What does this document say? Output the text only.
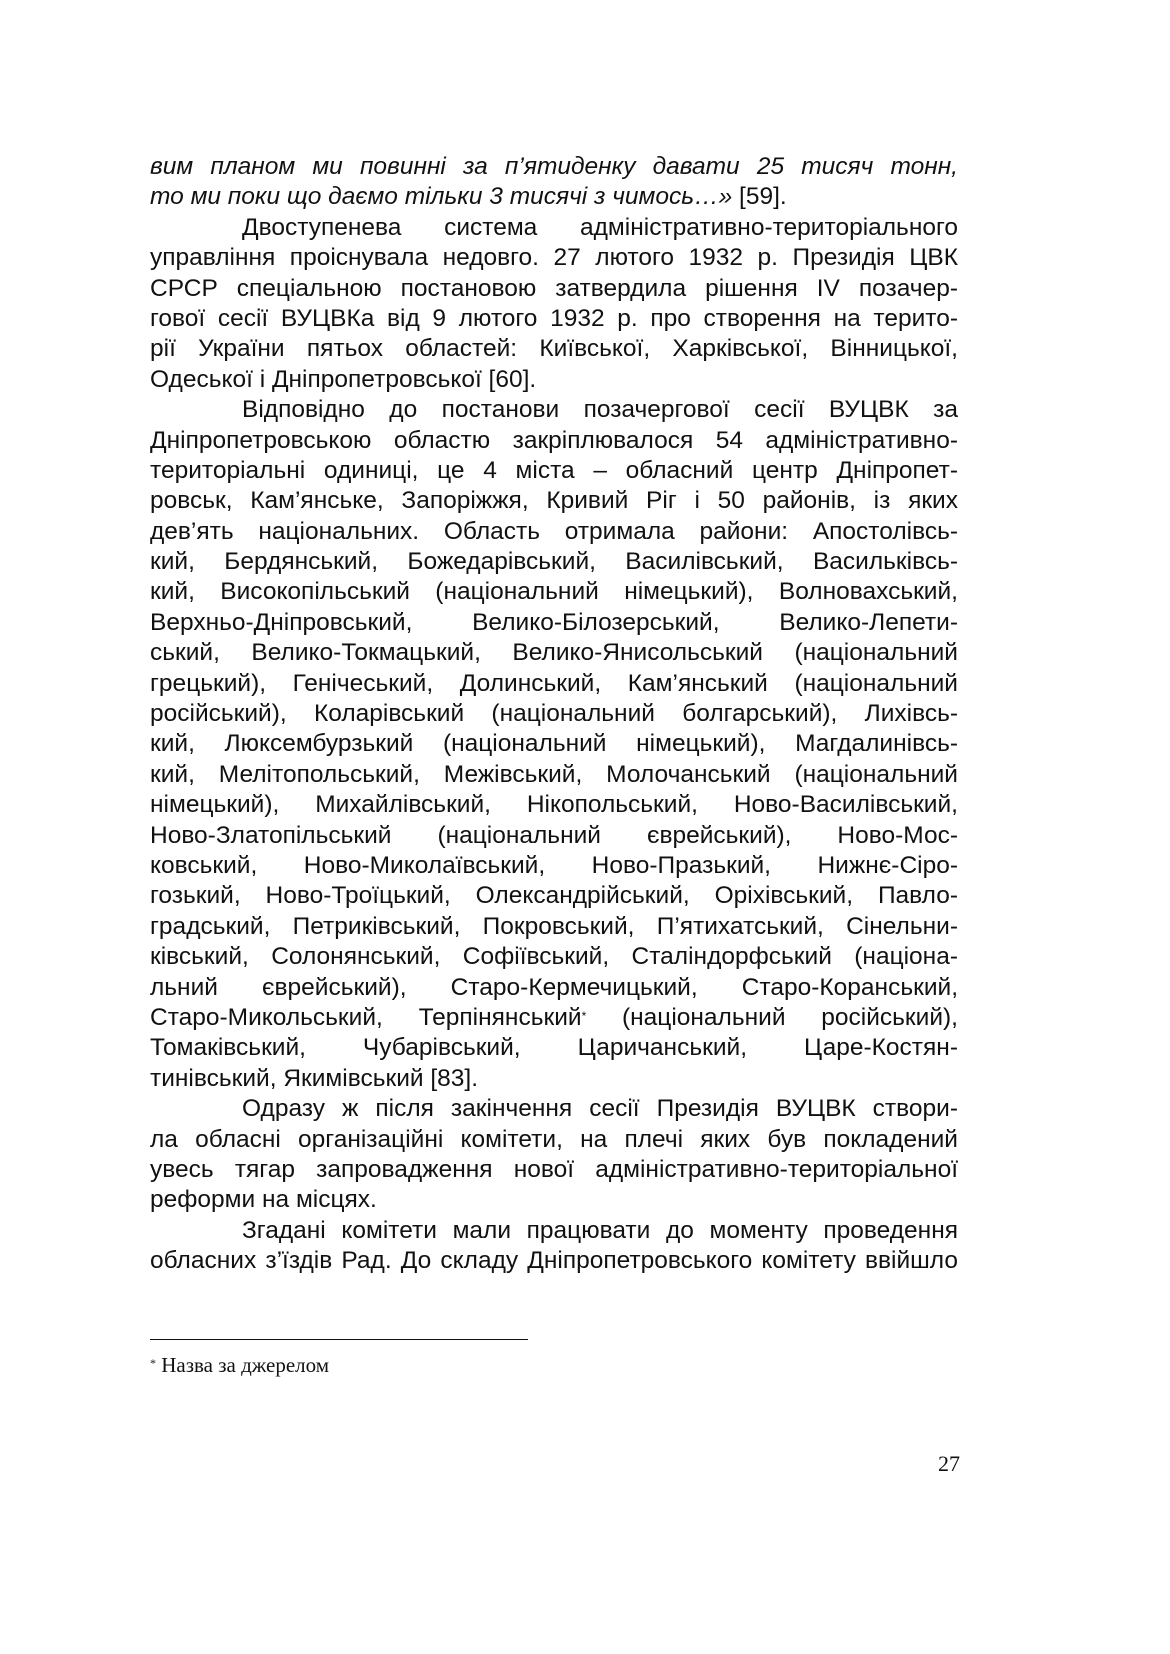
вим планом ми повинні за п’ятиденку давати 25 тисяч тонн,
то ми поки що даємо тільки 3 тисячі з чимось…» [59].
Двоступенева система адміністративно-територіального
управління проіснувала недовго. 27 лютого 1932 р. Президія ЦВК
СРСР спеціальною постановою затвердила рішення IV позачер-
гової сесії ВУЦВКа від 9 лютого 1932 р. про створення на терито-
рії України пятьох областей: Київської, Харківської, Вінницької,
Одеської і Дніпропетровської [60].
Відповідно до постанови позачергової сесії ВУЦВК за
Дніпропетровською областю закріплювалося 54 адміністративно-
територіальні одиниці, це 4 міста – обласний центр Дніпропет-
ровськ, Кам’янське, Запоріжжя, Кривий Ріг і 50 районів, із яких
дев’ять національних. Область отримала райони: Апостолівсь-
кий, Бердянський, Божедарівський, Василівський, Васильківсь-
кий, Високопільський (національний німецький), Волновахський,
Верхньо-Дніпровський, Велико-Білозерський, Велико-Лепети-
ський, Велико-Токмацький, Велико-Янисольський (національний
грецький), Генічеський, Долинський, Кам’янський (національний
російський), Коларівський (національний болгарський), Лихівсь-
кий, Люксембурзький (національний німецький), Магдалинівсь-
кий, Мелітопольський, Межівський, Молочанський (національний
німецький), Михайлівський, Нікопольський, Ново-Василівський,
Ново-Златопільський (національний єврейський), Ново-Мос-
ковський, Ново-Миколаївський, Ново-Празький, Нижнє-Сіро-
гозький, Ново-Троїцький, Олександрійський, Оріхівський, Павло-
градський, Петриківський, Покровський, П’ятихатський, Сінельни-
ківський, Солонянський, Софіївський, Сталіндорфський (націона-
льний єврейський), Старо-Кермечицький, Старо-Коранський,
Старо-Микольський, Терпінянський* (національний російський),
Томаківський, Чубарівський, Царичанський, Царе-Костян-
тинівський, Якимівський [83].
Одразу ж після закінчення сесії Президія ВУЦВК створи-
ла обласні організаційні комітети, на плечі яких був покладений
увесь тягар запровадження нової адміністративно-територіальної
реформи на місцях.
Згадані комітети мали працювати до моменту проведення
обласних з’їздів Рад. До складу Дніпропетровського комітету ввійшло
* Назва за джерелом
27
